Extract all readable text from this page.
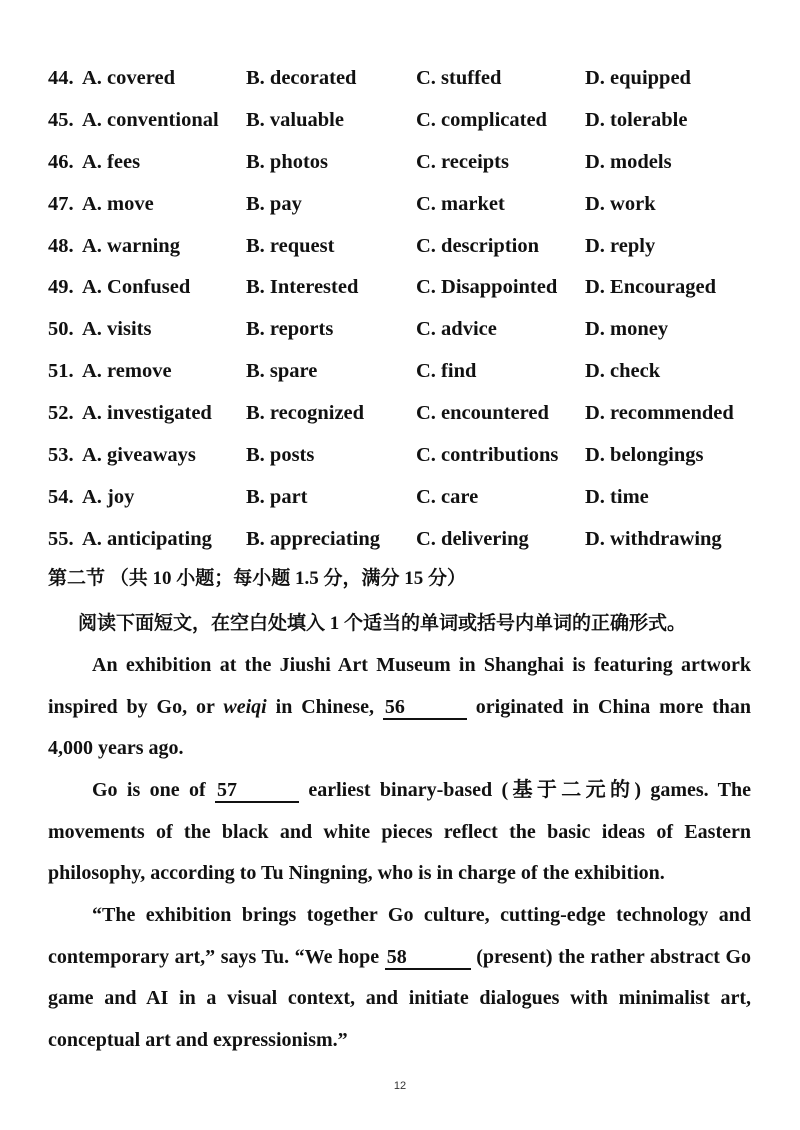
44. A. covered	B. decorated	C. stuffed	D. equipped
45. A. conventional B. valuable	C. complicated D. tolerable
46. A. fees	B. photos	C. receipts	D. models
47. A. move	B. pay	C. market	D. work
48. A. warning	B. request	C. description D. reply
49. A. Confused	B. Interested	C. Disappointed D. Encouraged
50. A. visits	B. reports	C. advice	D. money
51. A. remove	B. spare	C. find	D. check
52. A. investigated B. recognized	C. encountered D. recommended
53. A. giveaways B. posts	C. contributions D. belongings
54. A. joy	B. part	C. care	D. time
55. A. anticipating B. appreciating C. delivering	D. withdrawing
第二节 （共 10 小题；每小题 1.5 分，满分 15 分）
阅读下面短文，在空白处填入 1 个适当的单词或括号内单词的正确形式。

An exhibition at the Jiushi Art Museum in Shanghai is featuring artwork inspired by Go, or weiqi in Chinese, 56	originated in China more than 4,000 years ago.

Go is one of 57	earliest binary-based (基于二元的) games. The movements of the black and white pieces reflect the basic ideas of Eastern philosophy, according to Tu Ningning, who is in charge of the exhibition.

“The exhibition brings together Go culture, cutting-edge technology and contemporary art,” says Tu. “We hope 58	(present) the rather abstract Go game and AI in a visual context, and initiate dialogues with minimalist art, conceptual art and expressionism.”

12
